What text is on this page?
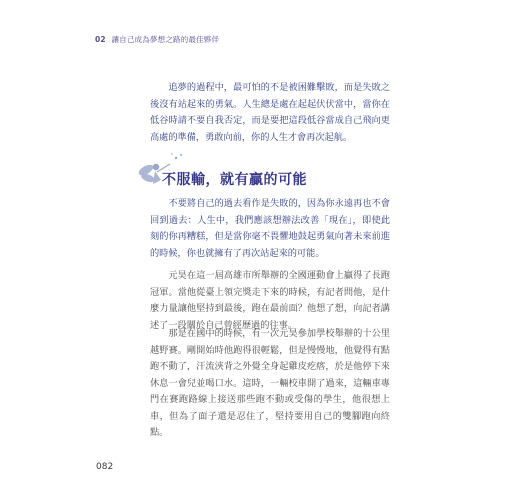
02 讓自己成為夢想之路的最佳夥伴

追夢的過程中，最可怕的不是被困難擊敗，而是失敗之後沒有站起來的勇氣。人生總是處在起起伏伏當中，當你在低谷時請不要自我否定，而是要把這段低谷當成自己飛向更高處的準備，勇敢向前，你的人生才會再次起航。

不服輸，就有贏的可能

不要將自己的過去看作是失敗的，因為你永遠再也不會回到過去：人生中，我們應該想辦法改善「現在」，即使此刻的你再糟糕，但是當你毫不畏懼地鼓起勇氣向著未來前進的時候，你也就擁有了再次站起來的可能。

元昊在這一屆高雄市所舉辦的全國運動會上贏得了長跑冠軍。當他從臺上領完獎走下來的時候，有記者問他，是什麼力量讓他堅持到最後，跑在最前面？他想了想，向記者講述了一段關於自己曾經歷過的往事。

那是在國中的時候，有一次元昊參加學校舉辦的十公里越野賽。剛開始時他跑得很輕鬆，但是慢慢地，他覺得有點跑不動了，汗流浹背之外覺全身起雞皮疙瘩，於是他停下來休息一會兒並喝口水。這時，一輛校車開了過來，這輛車專門在賽跑路線上接送那些跑不動或受傷的學生，他很想上車，但為了面子還是忍住了，堅持要用自己的雙腳跑向終點。

082
